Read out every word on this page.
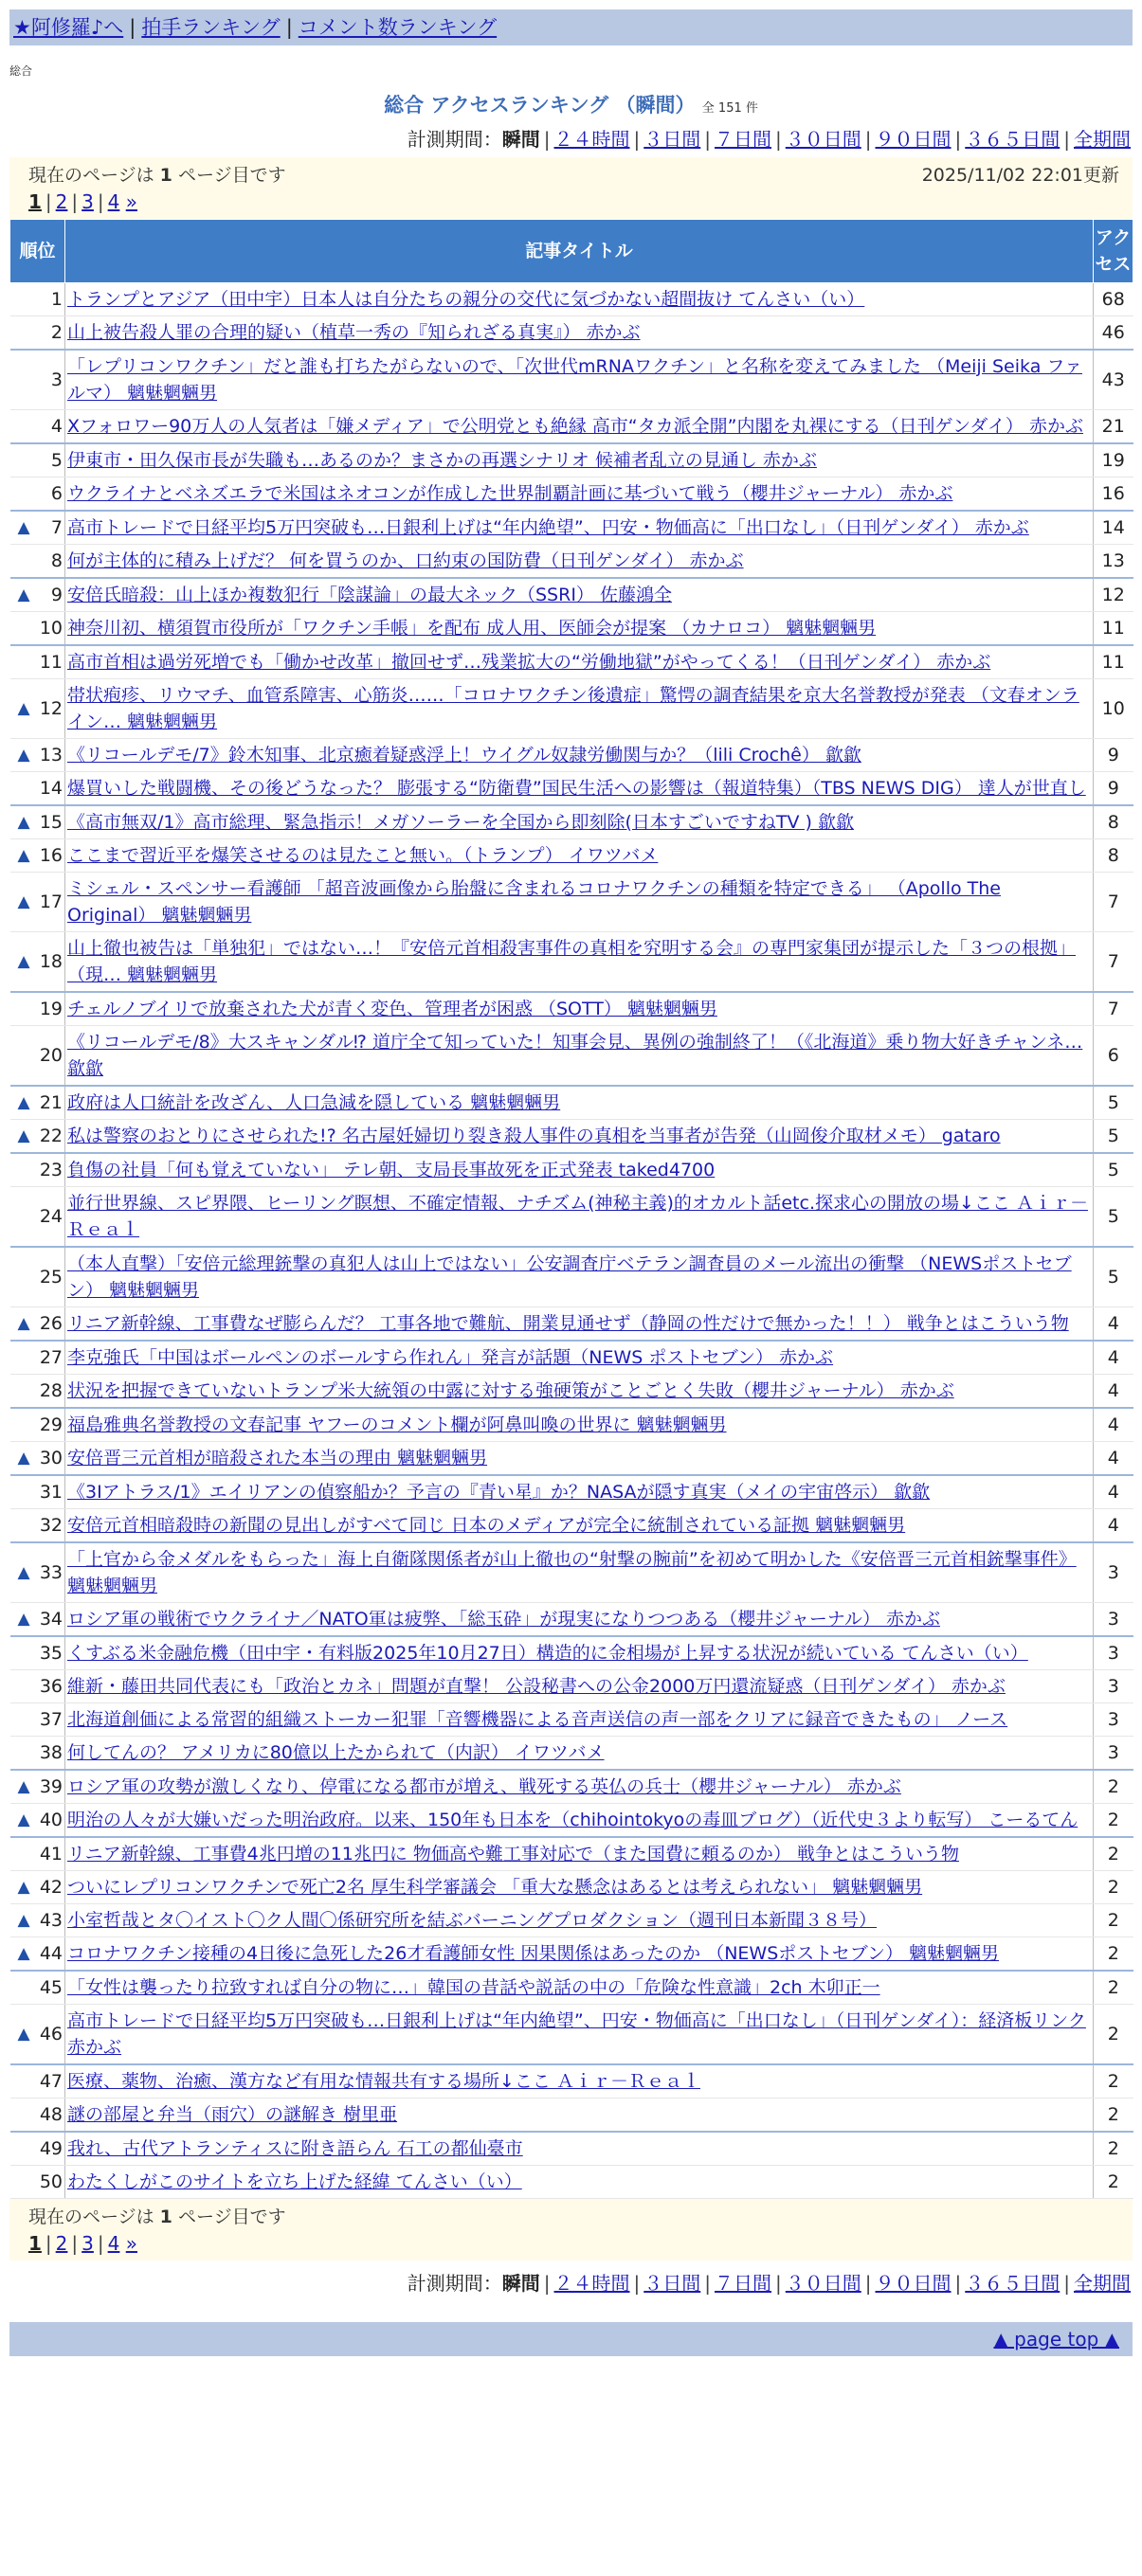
★阿修羅♪へ | 拍手ランキング | コメント数ランキング
総合
総合 アクセスランキング （瞬間） 全 151 件
計測期間：瞬間 | ２４時間 | ３日間 | ７日間 | ３０日間 | ９０日間 | ３６５日間 | 全期間
現在のページは 1 ページ目です	2025/11/02 22:01更新
1 | 2 | 3 | 4 »
順位	記事タイトル	アクセス
1	トランプとアジア（田中宇）日本人は自分たちの親分の交代に気づかない超間抜け てんさい（い）	68
2	山上被告殺人罪の合理的疑い（植草一秀の『知られざる真実』） 赤かぶ	46
3	「レプリコンワクチン」だと誰も打ちたがらないので、「次世代mRNAワクチン」と名称を変えてみました （Meiji Seika ファルマ） 魑魅魍魎男	43
4	Xフォロワー90万人の人気者は「嫌メディア」で公明党とも絶縁 高市“タカ派全開”内閣を丸裸にする（日刊ゲンダイ） 赤かぶ	21
5	伊東市・田久保市長が失職も…あるのか？まさかの再選シナリオ 候補者乱立の見通し 赤かぶ	19
6	ウクライナとベネズエラで米国はネオコンが作成した世界制覇計画に基づいて戦う（櫻井ジャーナル） 赤かぶ	16

▲ 7	高市トレードで日経平均5万円突破も…日銀利上げは“年内絶望”、円安・物価高に「出口なし」（日刊ゲンダイ） 赤かぶ	14
8	何が主体的に積み上げだ？ 何を買うのか、口約束の国防費（日刊ゲンダイ） 赤かぶ	13

▲ 9	安倍氏暗殺：山上ほか複数犯行「陰謀論」の最大ネック（SSRI） 佐藤鴻全	12
10	神奈川初、横須賀市役所が「ワクチン手帳」を配布 成人用、医師会が提案 （カナロコ） 魑魅魍魎男	11
11	高市首相は過労死増でも「働かせ改革」撤回せず…残業拡大の“労働地獄”がやってくる！（日刊ゲンダイ） 赤かぶ	11

▲ 12	帯状疱疹、リウマチ、血管系障害、心筋炎……「コロナワクチン後遺症」驚愕の調査結果を京大名誉教授が発表 （文春オンライン… 魑魅魍魎男	10

▲ 13	《リコールデモ/7》鈴木知事、北京癒着疑惑浮上！ウイグル奴隷労働関与か？（lili Crochê） 歙歙	9
14	爆買いした戦闘機、その後どうなった？ 膨張する“防衛費”国民生活への影響は（報道特集）（TBS NEWS DIG） 達人が世直し	9

▲ 15	《高市無双/1》高市総理、緊急指示！メガソーラーを全国から即刻除(日本すごいですねTV ) 歙歙	8

▲ 16	ここまで習近平を爆笑させるのは見たこと無い。（トランプ） イワツバメ	8

▲ 17	ミシェル・スペンサー看護師 「超音波画像から胎盤に含まれるコロナワクチンの種類を特定できる」 （Apollo The Original） 魑魅魍魎男	7

▲ 18	山上徹也被告は「単独犯」ではない…！『安倍元首相殺害事件の真相を究明する会』の専門家集団が提示した「３つの根拠」 （現… 魑魅魍魎男	7
19	チェルノブイリで放棄された犬が青く変色、管理者が困惑 （SOTT） 魑魅魍魎男	7
20	《リコールデモ/8》大スキャンダル⁉ 道庁全て知っていた！知事会見、異例の強制終了！（《北海道》乗り物大好きチャンネ… 歙歙	6

▲ 21	政府は人口統計を改ざん、人口急減を隠している 魑魅魍魎男	5

▲ 22	私は警察のおとりにさせられた!? 名古屋妊婦切り裂き殺人事件の真相を当事者が告発（山岡俊介取材メモ） gataro	5
23	負傷の社員「何も覚えていない」 テレ朝、支局長事故死を正式発表 taked4700	5
24	並行世界線、スピ界隈、ヒーリング瞑想、不確定情報、ナチズム(神秘主義)的オカルト話etc.探求心の開放の場↓ここ Ａｉｒ－Ｒｅａｌ	5
25	（本人直撃）「安倍元総理銃撃の真犯人は山上ではない」公安調査庁ベテラン調査員のメール流出の衝撃 （NEWSポストセブン） 魑魅魍魎男	5

▲ 26	リニア新幹線、工事費なぜ膨らんだ？ 工事各地で難航、開業見通せず（静岡の性だけで無かった！！） 戦争とはこういう物	4
27	李克強氏「中国はボールペンのボールすら作れん」発言が話題（NEWS ポストセブン） 赤かぶ	4
28	状況を把握できていないトランプ米大統領の中露に対する強硬策がことごとく失敗（櫻井ジャーナル） 赤かぶ	4
29	福島雅典名誉教授の文春記事 ヤフーのコメント欄が阿鼻叫喚の世界に 魑魅魍魎男	4

▲ 30	安倍晋三元首相が暗殺された本当の理由 魑魅魍魎男	4
31	《3Iアトラス/1》エイリアンの偵察船か？予言の『青い星』か？NASAが隠す真実（メイの宇宙啓示） 歙歙	4
32	安倍元首相暗殺時の新聞の見出しがすべて同じ 日本のメディアが完全に統制されている証拠 魑魅魍魎男	4

▲ 33	「上官から金メダルをもらった」海上自衛隊関係者が山上徹也の“射撃の腕前”を初めて明かした《安倍晋三元首相銃撃事件》 魑魅魍魎男	3

▲ 34	ロシア軍の戦術でウクライナ／NATO軍は疲弊、「総玉砕」が現実になりつつある（櫻井ジャーナル） 赤かぶ	3
35	くすぶる米金融危機（田中宇・有料版2025年10月27日）構造的に金相場が上昇する状況が続いている てんさい（い）	3
36	維新・藤田共同代表にも「政治とカネ」問題が直撃！ 公設秘書への公金2000万円還流疑惑（日刊ゲンダイ） 赤かぶ	3
37	北海道創価による常習的組織ストーカー犯罪「音響機器による音声送信の声一部をクリアに録音できたもの」 ノース	3
38	何してんの？ アメリカに80億以上たかられて（内訳） イワツバメ	3

▲ 39	ロシア軍の攻勢が激しくなり、停電になる都市が増え、戦死する英仏の兵士（櫻井ジャーナル） 赤かぶ	2

▲ 40	明治の人々が大嫌いだった明治政府。以来、150年も日本を（chihointokyoの毒皿ブログ）（近代史３より転写） こーるてん	2
41	リニア新幹線、工事費4兆円増の11兆円に 物価高や難工事対応で（また国費に頼るのか） 戦争とはこういう物	2

▲ 42	ついにレプリコンワクチンで死亡2名 厚生科学審議会 「重大な懸念はあるとは考えられない」 魑魅魍魎男	2

▲ 43	小室哲哉とタ〇イスト〇ク人間〇係研究所を結ぶバーニングプロダクション（週刊日本新聞３８号）	2

▲ 44	コロナワクチン接種の4日後に急死した26才看護師女性 因果関係はあったのか （NEWSポストセブン） 魑魅魍魎男	2
45	「女性は襲ったり拉致すれば自分の物に…」韓国の昔話や説話の中の「危険な性意識」2ch 木卯正一	2

▲ 46	高市トレードで日経平均5万円突破も…日銀利上げは“年内絶望”、円安・物価高に「出口なし」（日刊ゲンダイ）：経済板リンク 赤かぶ	2
47	医療、薬物、治癒、漢方など有用な情報共有する場所↓ここ Ａｉｒ－Ｒｅａｌ	2
48	謎の部屋と弁当（雨穴）の謎解き 樹里亜	2
49	我れ、古代アトランティスに附き語らん 石工の都仙臺市	2
50	わたくしがこのサイトを立ち上げた経緯 てんさい（い）	2
現在のページは 1 ページ目です
1 | 2 | 3 | 4 »
計測期間：瞬間 | ２４時間 | ３日間 | ７日間 | ３０日間 | ９０日間 | ３６５日間 | 全期間
▲ page top ▲
